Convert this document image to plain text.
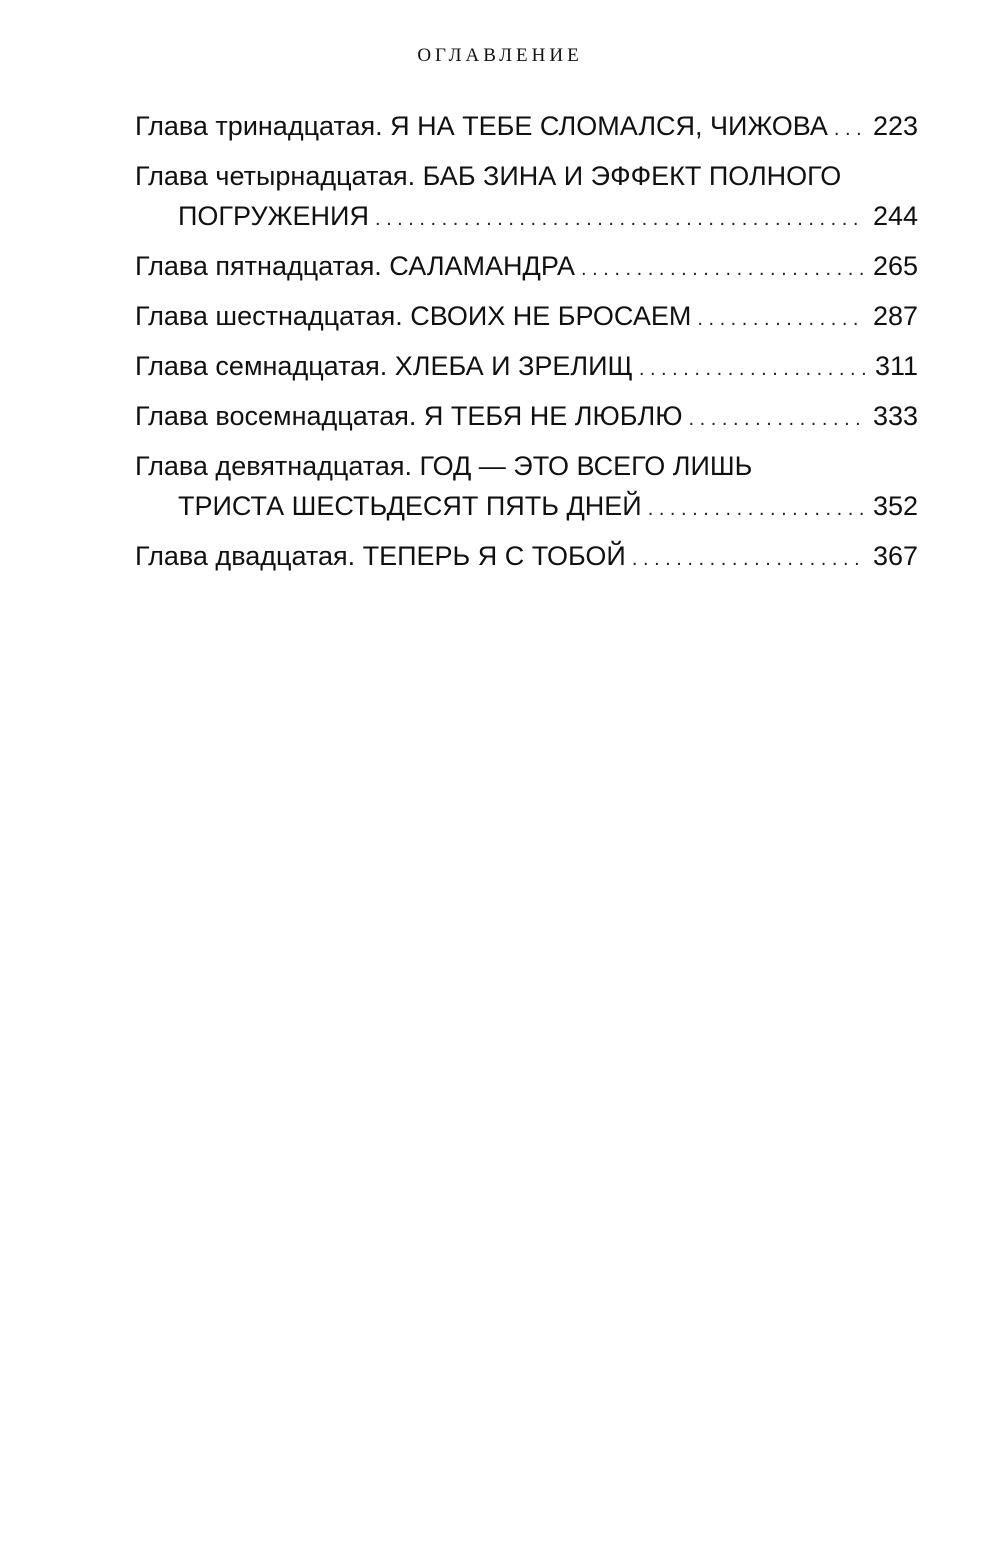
ОГЛАВЛЕНИЕ
Глава тринадцатая. Я НА ТЕБЕ СЛОМАЛСЯ, ЧИЖОВА . . . 223
Глава четырнадцатая. БАБ ЗИНА И ЭФФЕКТ ПОЛНОГО
ПОГРУЖЕНИЯ . . .	244
Глава пятнадцатая. САЛАМАНДРА . . .	265
Глава шестнадцатая. СВОИХ НЕ БРОСАЕМ . . .	287
Глава семнадцатая. ХЛЕБА И ЗРЕЛИЩ . . .	311
Глава восемнадцатая. Я ТЕБЯ НЕ ЛЮБЛЮ . . .	333
Глава девятнадцатая. ГОД — ЭТО ВСЕГО ЛИШЬ
ТРИСТА ШЕСТЬДЕСЯТ ПЯТЬ ДНЕЙ . . .	352
Глава двадцатая. ТЕПЕРЬ Я С ТОБОЙ . . .	367
